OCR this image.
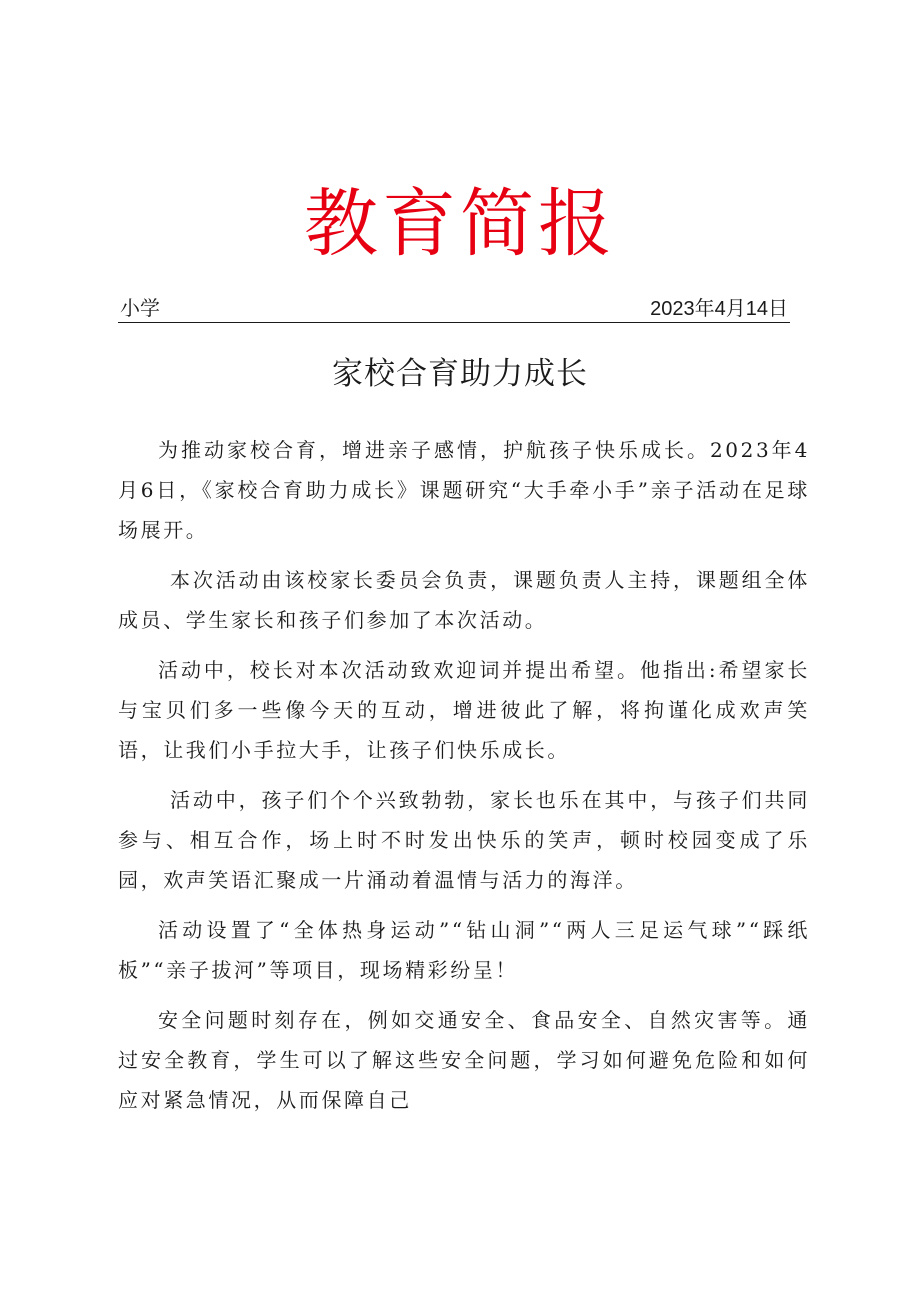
教育简报
小学	2023年4月14日
家校合育助力成长

为推动家校合育，增进亲子感情，护航孩子快乐成长。2023年4月6日，《家校合育助力成长》课题研究“大手牵小手”亲子活动在足球场展开。

本次活动由该校家长委员会负责，课题负责人主持，课题组全体成员、学生家长和孩子们参加了本次活动。

活动中，校长对本次活动致欢迎词并提出希望。他指出:希望家长与宝贝们多一些像今天的互动，增进彼此了解，将拘谨化成欢声笑语，让我们小手拉大手，让孩子们快乐成长。

活动中，孩子们个个兴致勃勃，家长也乐在其中，与孩子们共同参与、相互合作，场上时不时发出快乐的笑声，顿时校园变成了乐园，欢声笑语汇聚成一片涌动着温情与活力的海洋。

活动设置了“全体热身运动”“钻山洞”“两人三足运气球”“踩纸板”“亲子拔河”等项目，现场精彩纷呈！

安全问题时刻存在，例如交通安全、食品安全、自然灾害等。通过安全教育，学生可以了解这些安全问题，学习如何避免危险和如何应对紧急情况，从而保障自己
